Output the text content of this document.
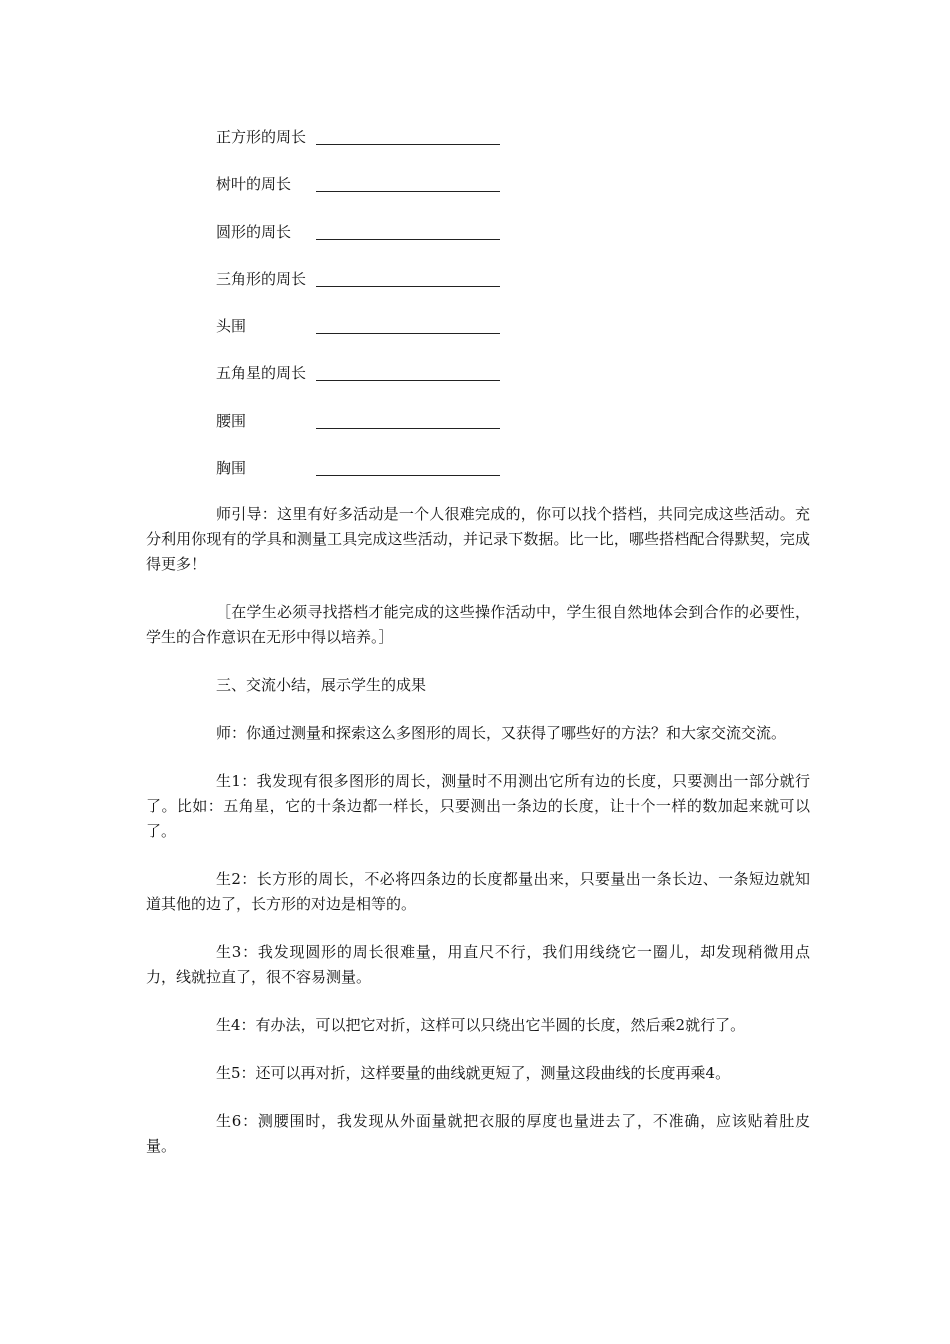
正方形的周长
树叶的周长
圆形的周长
三角形的周长
头围
五角星的周长
腰围
胸围

师引导：这里有好多活动是一个人很难完成的，你可以找个搭档，共同完成这些活动。充分利用你现有的学具和测量工具完成这些活动，并记录下数据。比一比，哪些搭档配合得默契，完成得更多！

［在学生必须寻找搭档才能完成的这些操作活动中，学生很自然地体会到合作的必要性，学生的合作意识在无形中得以培养。］

三、交流小结，展示学生的成果

师：你通过测量和探索这么多图形的周长，又获得了哪些好的方法？和大家交流交流。

生1：我发现有很多图形的周长，测量时不用测出它所有边的长度，只要测出一部分就行了。比如：五角星，它的十条边都一样长，只要测出一条边的长度，让十个一样的数加起来就可以了。

生2：长方形的周长，不必将四条边的长度都量出来，只要量出一条长边、一条短边就知道其他的边了，长方形的对边是相等的。

生3：我发现圆形的周长很难量，用直尺不行，我们用线绕它一圈儿，却发现稍微用点力，线就拉直了，很不容易测量。

生4：有办法，可以把它对折，这样可以只绕出它半圆的长度，然后乘2就行了。

生5：还可以再对折，这样要量的曲线就更短了，测量这段曲线的长度再乘4。

生6：测腰围时，我发现从外面量就把衣服的厚度也量进去了，不准确，应该贴着肚皮量。
